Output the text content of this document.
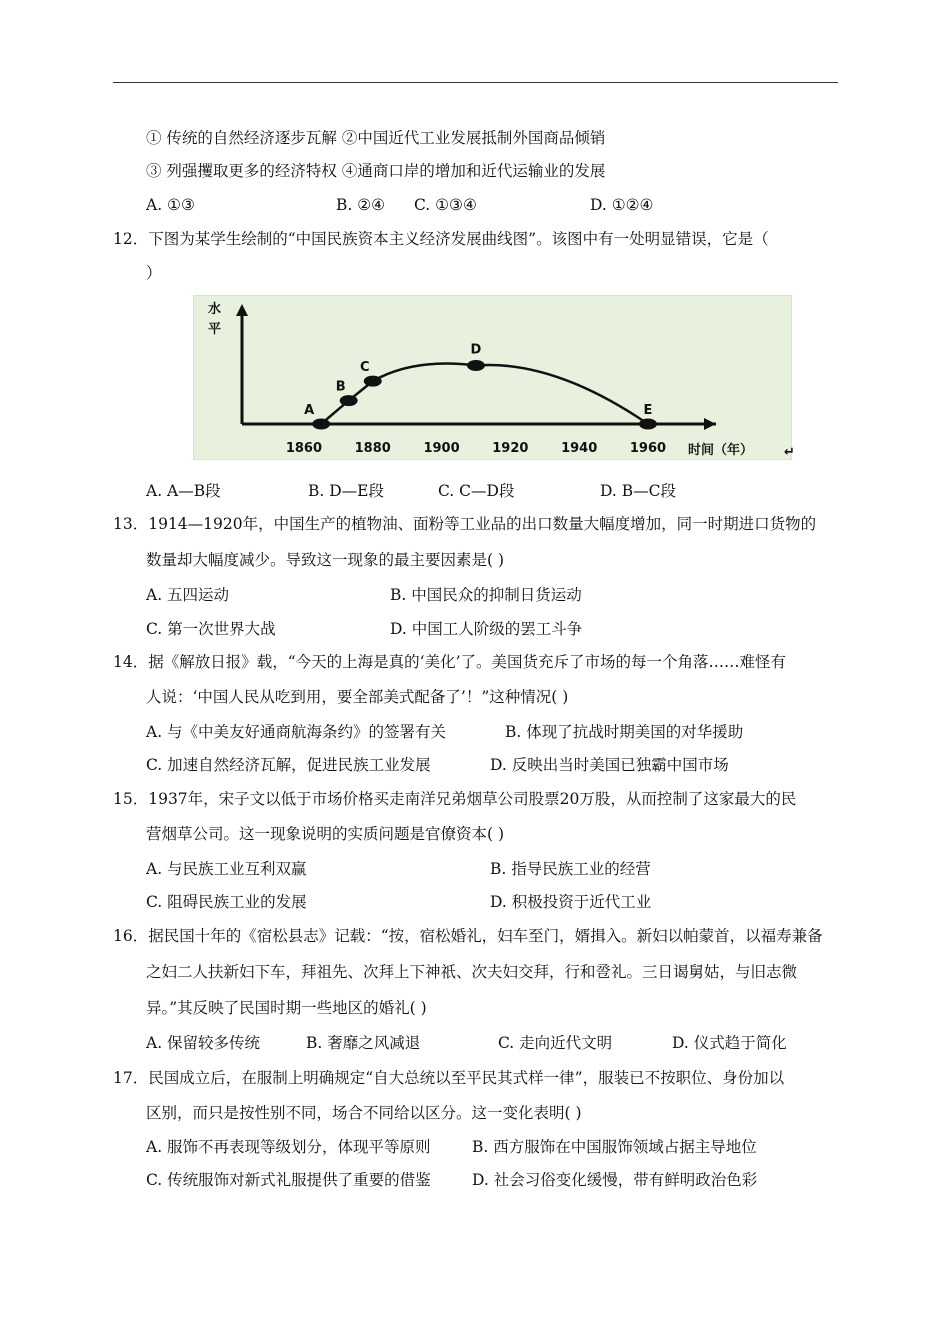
① 传统的自然经济逐步瓦解 ②中国近代工业发展抵制外国商品倾销
③ 列强攫取更多的经济特权 ④通商口岸的增加和近代运输业的发展
A. ①③	B. ②④ C. ①③④	D. ①②④
12．下图为某学生绘制的“中国民族资本主义经济发展曲线图”。该图中有一处明显错误，它是（
）
水
平
时间（年） ↵
1860	1880	1900	1920	1940	1960
A
B
C
D
E
A. A—B段	B. D—E段	C. C—D段	D. B—C段
13．1914—1920年，中国生产的植物油、面粉等工业品的出口数量大幅度增加，同一时期进口货物的
数量却大幅度减少。导致这一现象的最主要因素是( )
A. 五四运动	B. 中国民众的抑制日货运动
C. 第一次世界大战	D. 中国工人阶级的罢工斗争
14．据《解放日报》载，“今天的上海是真的‘美化’了。美国货充斥了市场的每一个角落……难怪有
人说：‘中国人民从吃到用，要全部美式配备了’！”这种情况( )
A. 与《中美友好通商航海条约》的签署有关	B. 体现了抗战时期美国的对华援助
C. 加速自然经济瓦解，促进民族工业发展	D. 反映出当时美国已独霸中国市场
15．1937年，宋子文以低于市场价格买走南洋兄弟烟草公司股票20万股，从而控制了这家最大的民
营烟草公司。这一现象说明的实质问题是官僚资本( )
A. 与民族工业互利双赢	B. 指导民族工业的经营
C. 阻碍民族工业的发展	D. 积极投资于近代工业
16．据民国十年的《宿松县志》记载：“按，宿松婚礼，妇车至门，婿揖入。新妇以帕蒙首，以福寿兼备
之妇二人扶新妇下车，拜祖先、次拜上下神祇、次夫妇交拜，行和卺礼。三日谒舅姑，与旧志微
异。”其反映了民国时期一些地区的婚礼( )
A. 保留较多传统	B. 奢靡之风减退	C. 走向近代文明	D. 仪式趋于简化
17．民国成立后，在服制上明确规定“自大总统以至平民其式样一律”，服装已不按职位、身份加以
区别，而只是按性别不同，场合不同给以区分。这一变化表明( )
A. 服饰不再表现等级划分，体现平等原则	B. 西方服饰在中国服饰领域占据主导地位
C. 传统服饰对新式礼服提供了重要的借鉴	D. 社会习俗变化缓慢，带有鲜明政治色彩
